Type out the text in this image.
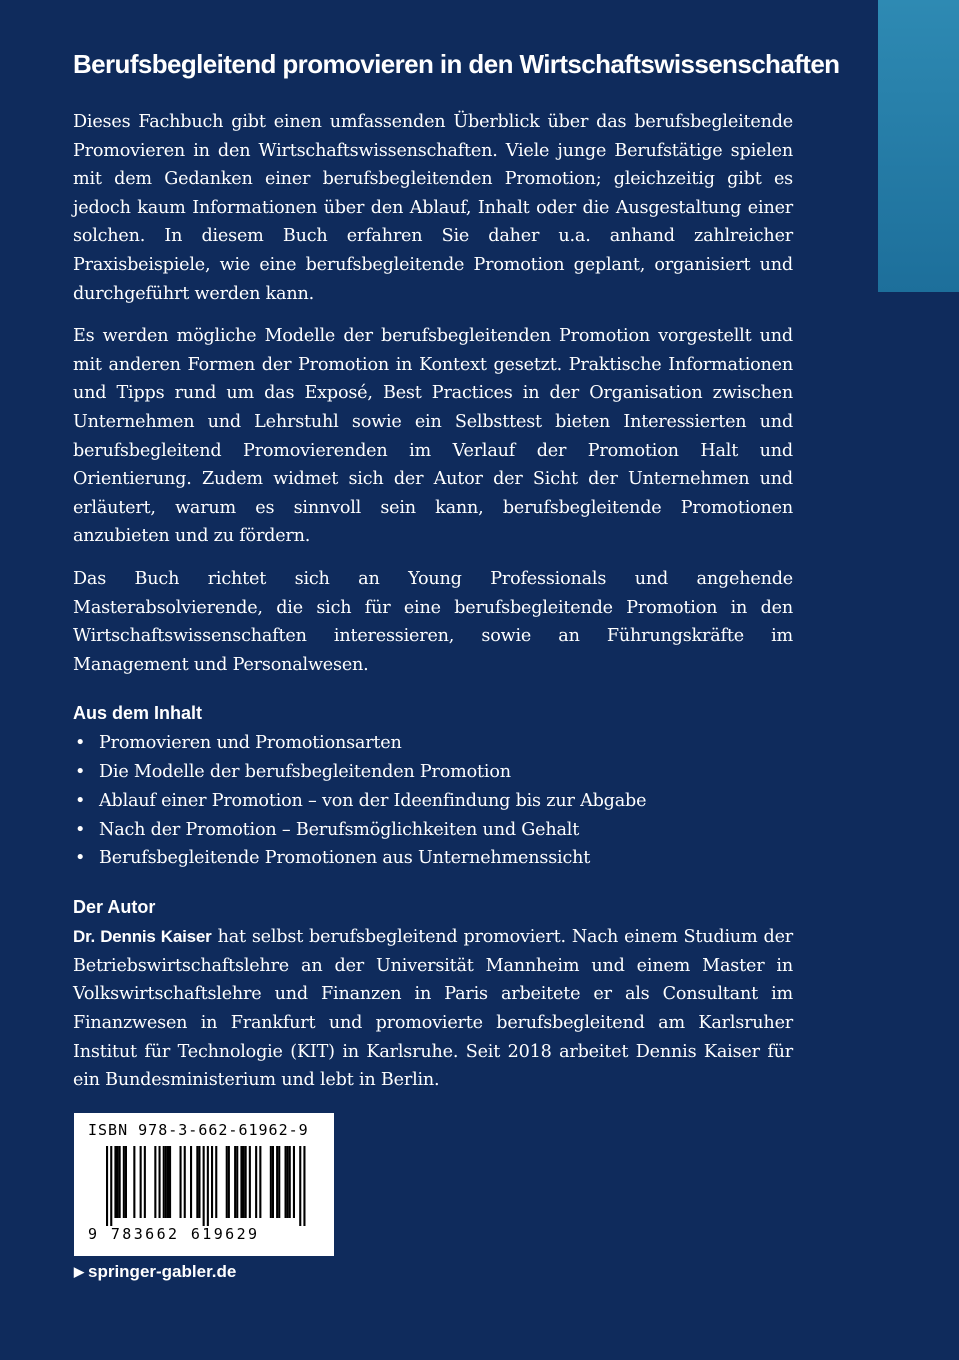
Berufsbegleitend promovieren in den Wirtschaftswissenschaften

Dieses Fachbuch gibt einen umfassenden Überblick über das berufsbegleitende Promovieren in den Wirtschaftswissenschaften. Viele junge Berufstätige spielen mit dem Gedanken einer berufsbegleitenden Promotion; gleichzeitig gibt es jedoch kaum Informationen über den Ablauf, Inhalt oder die Ausgestaltung einer solchen. In diesem Buch erfahren Sie daher u.a. anhand zahlreicher Praxisbeispiele, wie eine berufsbegleitende Promotion geplant, organisiert und durchgeführt werden kann.

Es werden mögliche Modelle der berufsbegleitenden Promotion vorgestellt und mit anderen Formen der Promotion in Kontext gesetzt. Praktische Informationen und Tipps rund um das Exposé, Best Practices in der Organisation zwischen Unternehmen und Lehrstuhl sowie ein Selbsttest bieten Interessierten und berufsbegleitend Promovierenden im Verlauf der Promotion Halt und Orientierung. Zudem widmet sich der Autor der Sicht der Unternehmen und erläutert, warum es sinnvoll sein kann, berufsbegleitende Promotionen anzubieten und zu fördern.

Das Buch richtet sich an Young Professionals und angehende Masterabsolvierende, die sich für eine berufsbegleitende Promotion in den Wirtschaftswissenschaften interessieren, sowie an Führungskräfte im Management und Personalwesen.

Aus dem Inhalt
• Promovieren und Promotionsarten
• Die Modelle der berufsbegleitenden Promotion
• Ablauf einer Promotion – von der Ideenfindung bis zur Abgabe
• Nach der Promotion – Berufsmöglichkeiten und Gehalt
• Berufsbegleitende Promotionen aus Unternehmenssicht
Der Autor

Dr. Dennis Kaiser hat selbst berufsbegleitend promoviert. Nach einem Studium der Betriebswirtschaftslehre an der Universität Mannheim und einem Master in Volkswirtschaftslehre und Finanzen in Paris arbeitete er als Consultant im Finanzwesen in Frankfurt und promovierte berufsbegleitend am Karlsruher Institut für Technologie (KIT) in Karlsruhe. Seit 2018 arbeitet Dennis Kaiser für ein Bundesministerium und lebt in Berlin.

ISBN 978-3-662-61962-9
9 783662 619629
▶ springer-gabler.de
